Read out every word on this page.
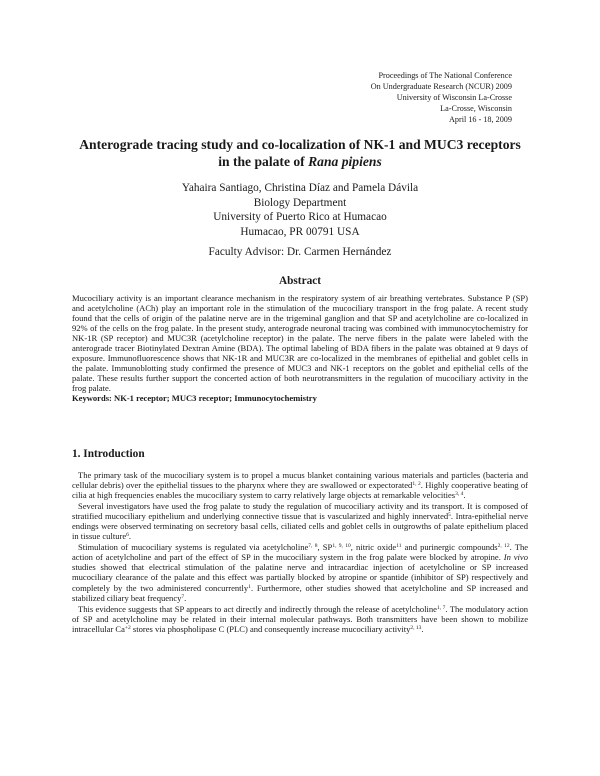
Proceedings of The National Conference
On Undergraduate Research (NCUR) 2009
University of Wisconsin La-Crosse
La-Crosse, Wisconsin
April 16 - 18, 2009
Anterograde tracing study and co-localization of NK-1 and MUC3 receptors
in the palate of Rana pipiens
Yahaira Santiago, Christina Díaz and Pamela Dávila
Biology Department
University of Puerto Rico at Humacao
Humacao, PR 00791 USA
Faculty Advisor: Dr. Carmen Hernández
Abstract
Mucociliary activity is an important clearance mechanism in the respiratory system of air breathing vertebrates. Substance P (SP) and acetylcholine (ACh) play an important role in the stimulation of the mucociliary transport in the frog palate. A recent study found that the cells of origin of the palatine nerve are in the trigeminal ganglion and that SP and acetylcholine are co-localized in 92% of the cells on the frog palate. In the present study, anterograde neuronal tracing was combined with immunocytochemistry for NK-1R (SP receptor) and MUC3R (acetylcholine receptor) in the palate. The nerve fibers in the palate were labeled with the anterograde tracer Biotinylated Dextran Amine (BDA). The optimal labeling of BDA fibers in the palate was obtained at 9 days of exposure. Immunofluorescence shows that NK-1R and MUC3R are co-localized in the membranes of epithelial and goblet cells in the palate. Immunoblotting study confirmed the presence of MUC3 and NK-1 receptors on the goblet and epithelial cells of the palate. These results further support the concerted action of both neurotransmitters in the regulation of mucociliary activity in the frog palate.
Keywords: NK-1 receptor; MUC3 receptor; Immunocytochemistry
1. Introduction

The primary task of the mucociliary system is to propel a mucus blanket containing various materials and particles (bacteria and cellular debris) over the epithelial tissues to the pharynx where they are swallowed or expectorated$^{1, 2}$. Highly cooperative beating of cilia at high frequencies enables the mucociliary system to carry relatively large objects at remarkable velocities$^{3, 4}$.

Several investigators have used the frog palate to study the regulation of mucociliary activity and its transport. It is composed of stratified mucociliary epithelium and underlying connective tissue that is vascularized and highly innervated$^5$. Intra-epithelial nerve endings were observed terminating on secretory basal cells, ciliated cells and goblet cells in outgrowths of palate epithelium placed in tissue culture$^6$.

Stimulation of mucociliary systems is regulated via acetylcholine$^{7, 8}$, SP$^{1, 9, 10}$, nitric oxide$^{11}$ and purinergic compounds$^{2, 12}$. The action of acetylcholine and part of the effect of SP in the mucociliary system in the frog palate were blocked by atropine. In vivo studies showed that electrical stimulation of the palatine nerve and intracardiac injection of acetylcholine or SP increased mucociliary clearance of the palate and this effect was partially blocked by atropine or spantide (inhibitor of SP) respectively and completely by the two administered concurrently$^1$. Furthermore, other studies showed that acetylcholine and SP increased and stabilized ciliary beat frequency$^7$.

This evidence suggests that SP appears to act directly and indirectly through the release of acetylcholine$^{1, 7}$. The modulatory action of SP and acetylcholine may be related in their internal molecular pathways. Both transmitters have been shown to mobilize intracellular $Ca^{+2}$ stores via phospholipase C (PLC) and consequently increase mucociliary activity$^{2, 13}$.
